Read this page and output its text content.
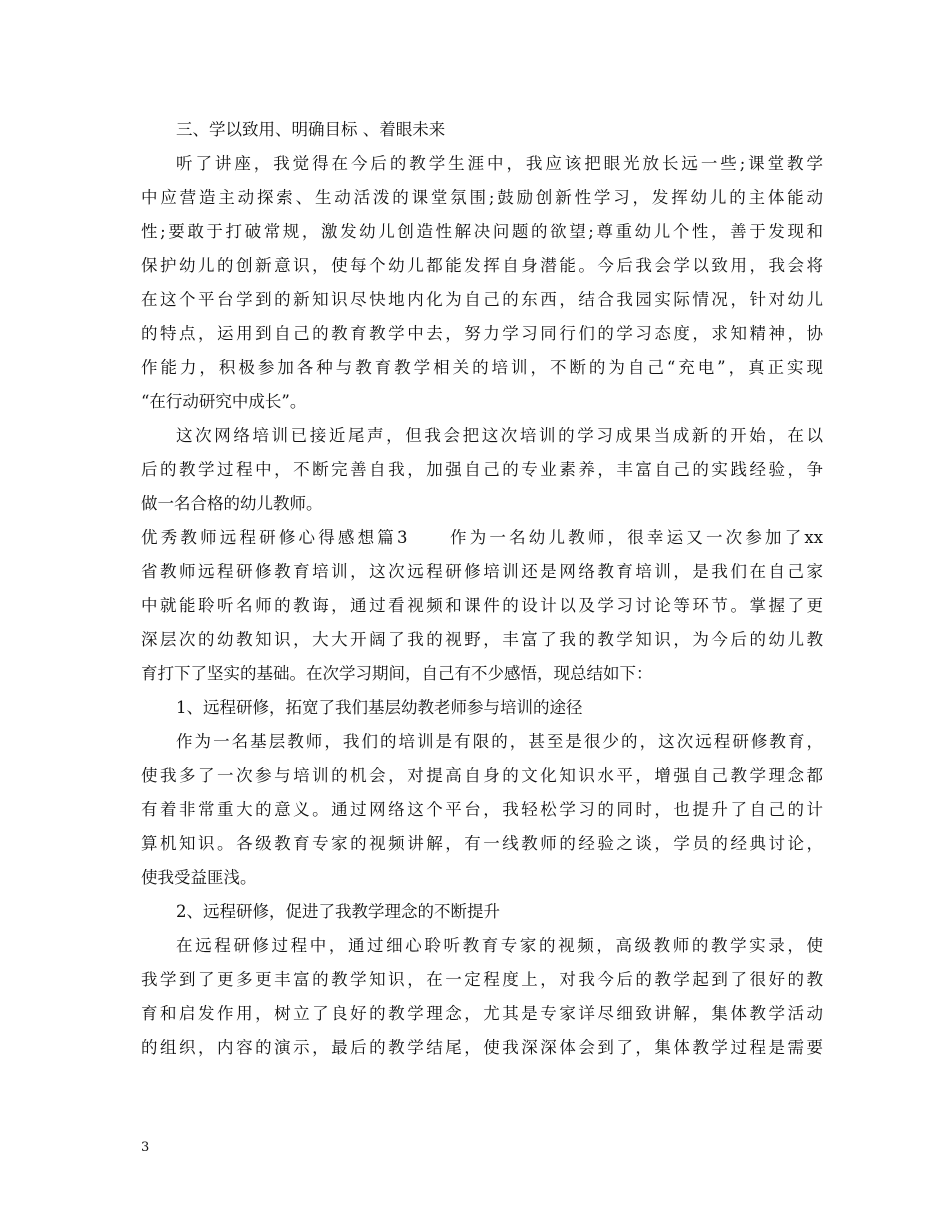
三、学以致用、明确目标 、着眼未来
听了讲座，我觉得在今后的教学生涯中，我应该把眼光放长远一些;课堂教学
中应营造主动探索、生动活泼的课堂氛围;鼓励创新性学习，发挥幼儿的主体能动
性;要敢于打破常规，激发幼儿创造性解决问题的欲望;尊重幼儿个性，善于发现和
保护幼儿的创新意识，使每个幼儿都能发挥自身潜能。今后我会学以致用，我会将
在这个平台学到的新知识尽快地内化为自己的东西，结合我园实际情况，针对幼儿
的特点，运用到自己的教育教学中去，努力学习同行们的学习态度，求知精神，协
作能力，积极参加各种与教育教学相关的培训，不断的为自己“充电”，真正实现
“在行动研究中成长”。
这次网络培训已接近尾声，但我会把这次培训的学习成果当成新的开始，在以
后的教学过程中，不断完善自我，加强自己的专业素养，丰富自己的实践经验，争
做一名合格的幼儿教师。
优秀教师远程研修心得感想篇3　　作为一名幼儿教师，很幸运又一次参加了xx
省教师远程研修教育培训，这次远程研修培训还是网络教育培训，是我们在自己家
中就能聆听名师的教诲，通过看视频和课件的设计以及学习讨论等环节。掌握了更
深层次的幼教知识，大大开阔了我的视野，丰富了我的教学知识，为今后的幼儿教
育打下了坚实的基础。在次学习期间，自己有不少感悟，现总结如下：
1、远程研修，拓宽了我们基层幼教老师参与培训的途径
作为一名基层教师，我们的培训是有限的，甚至是很少的，这次远程研修教育，
使我多了一次参与培训的机会，对提高自身的文化知识水平，增强自己教学理念都
有着非常重大的意义。通过网络这个平台，我轻松学习的同时，也提升了自己的计
算机知识。各级教育专家的视频讲解，有一线教师的经验之谈，学员的经典讨论，
使我受益匪浅。
2、远程研修，促进了我教学理念的不断提升
在远程研修过程中，通过细心聆听教育专家的视频，高级教师的教学实录，使
我学到了更多更丰富的教学知识，在一定程度上，对我今后的教学起到了很好的教
育和启发作用，树立了良好的教学理念，尤其是专家详尽细致讲解，集体教学活动
的组织，内容的演示，最后的教学结尾，使我深深体会到了，集体教学过程是需要
3
